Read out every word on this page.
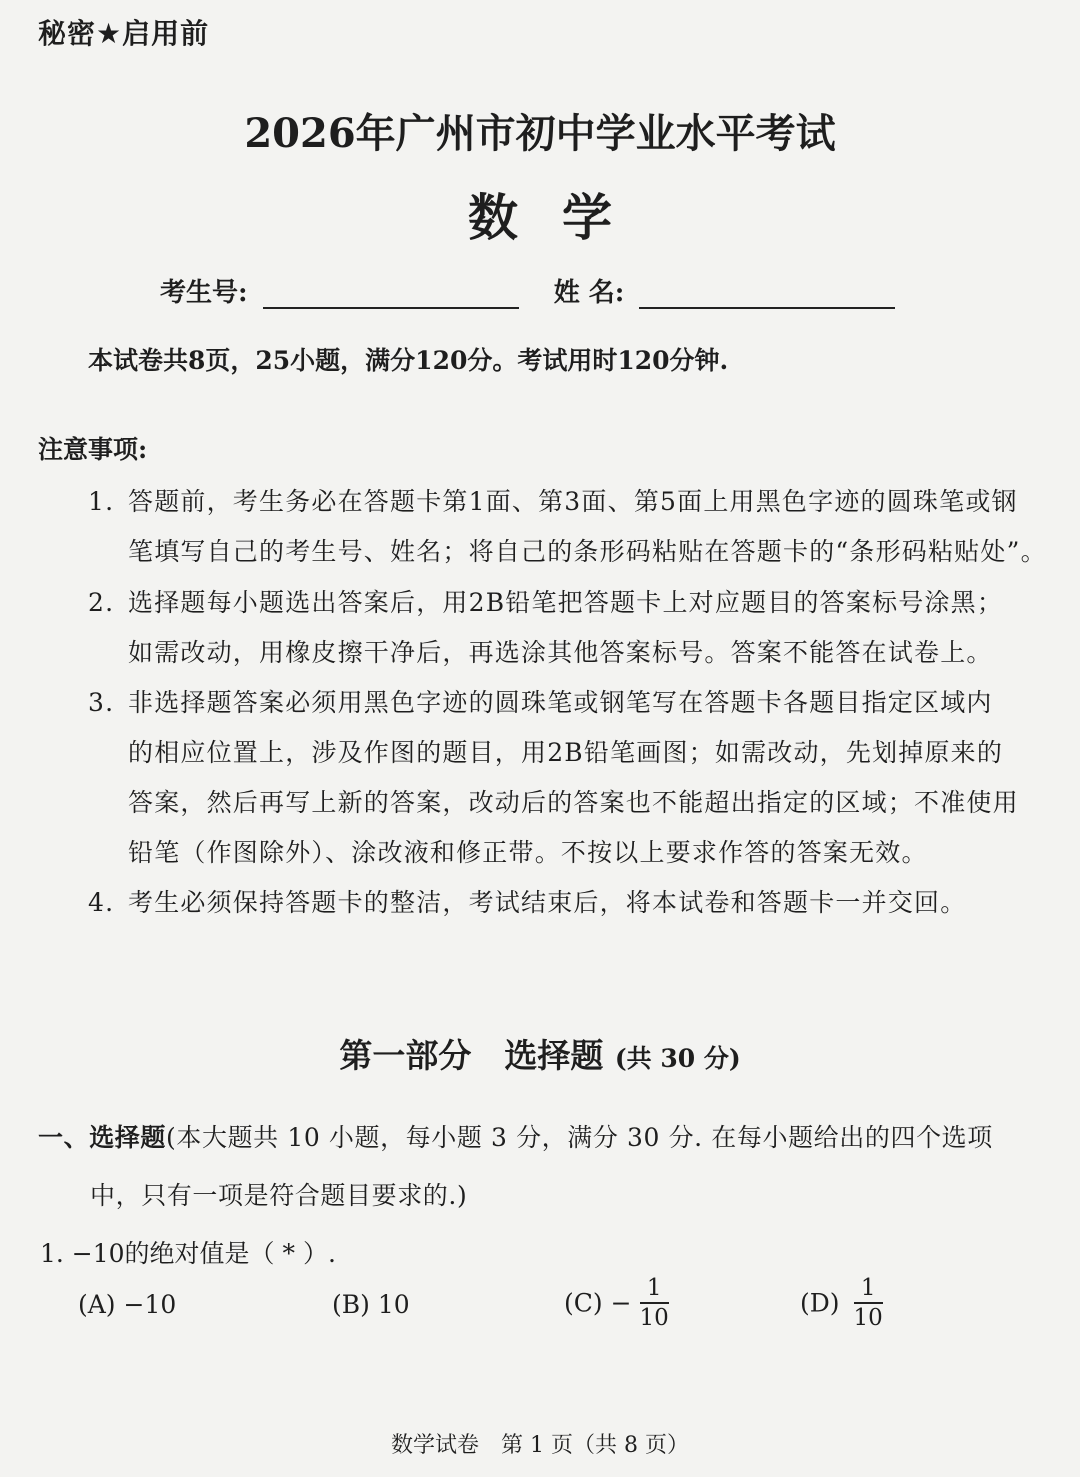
秘密★启用前
2026年广州市初中学业水平考试
数学
考生号:	姓 名:
本试卷共8页，25小题，满分120分。考试用时120分钟.
注意事项:
1. 答题前，考生务必在答题卡第1面、第3面、第5面上用黑色字迹的圆珠笔或钢
笔填写自己的考生号、姓名；将自己的条形码粘贴在答题卡的“条形码粘贴处”。
2. 选择题每小题选出答案后，用2B铅笔把答题卡上对应题目的答案标号涂黑；
如需改动，用橡皮擦干净后，再选涂其他答案标号。答案不能答在试卷上。
3. 非选择题答案必须用黑色字迹的圆珠笔或钢笔写在答题卡各题目指定区域内
的相应位置上，涉及作图的题目，用2B铅笔画图；如需改动，先划掉原来的
答案，然后再写上新的答案，改动后的答案也不能超出指定的区域；不准使用
铅笔（作图除外）、涂改液和修正带。不按以上要求作答的答案无效。
4. 考生必须保持答题卡的整洁，考试结束后，将本试卷和答题卡一并交回。
第一部分　选择题 (共 30 分)
一、选择题(本大题共 10 小题，每小题 3 分，满分 30 分. 在每小题给出的四个选项
中，只有一项是符合题目要求的.)
1. −10的绝对值是（ * ）.
(A) −10	(B) 10	$(C) - \frac{1}{10}$	$(D) \frac{1}{10}$
数学试卷　第 1 页（共 8 页）
